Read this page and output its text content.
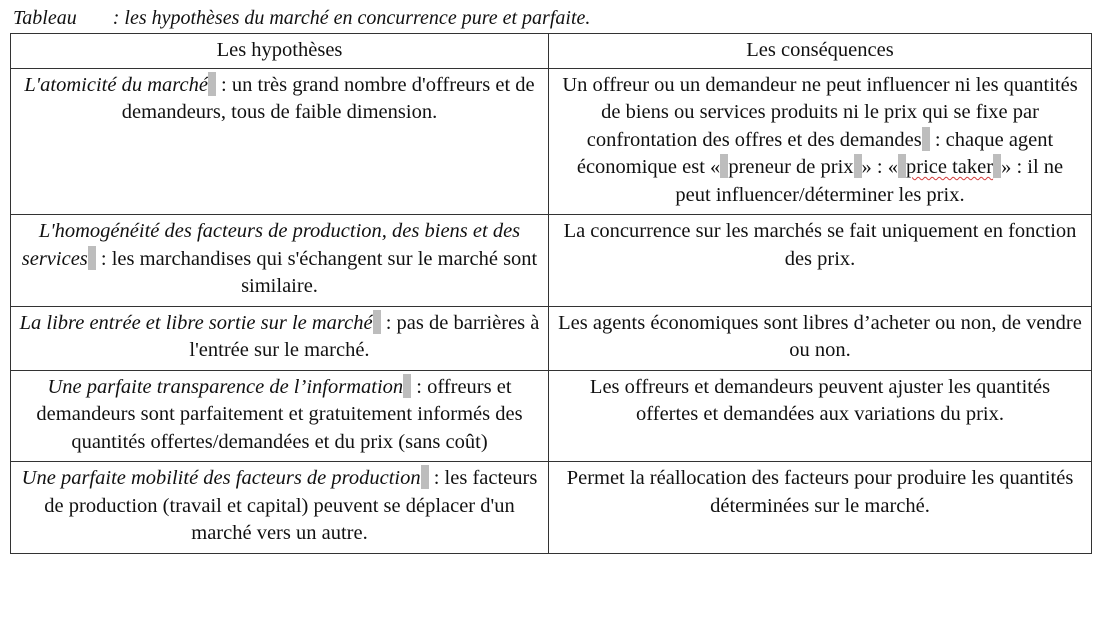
Tableau : les hypothèses du marché en concurrence pure et parfaite.
Les hypothèses	Les conséquences
L'atomicité du marché : un très grand nombre d'offreurs et de demandeurs, tous de faible dimension.	Un offreur ou un demandeur ne peut influencer ni les quantités de biens ou services produits ni le prix qui se fixe par confrontation des offres et des demandes : chaque agent économique est « preneur de prix » : « price taker » : il ne peut influencer/déterminer les prix.
L'homogénéité des facteurs de production, des biens et des services : les marchandises qui s'échangent sur le marché sont similaire.	La concurrence sur les marchés se fait uniquement en fonction des prix.
La libre entrée et libre sortie sur le marché : pas de barrières à l'entrée sur le marché.	Les agents économiques sont libres d’acheter ou non, de vendre ou non.
Une parfaite transparence de l’information : offreurs et demandeurs sont parfaitement et gratuitement informés des quantités offertes/demandées et du prix (sans coût)	Les offreurs et demandeurs peuvent ajuster les quantités offertes et demandées aux variations du prix.
Une parfaite mobilité des facteurs de production : les facteurs de production (travail et capital) peuvent se déplacer d'un marché vers un autre.	Permet la réallocation des facteurs pour produire les quantités déterminées sur le marché.
